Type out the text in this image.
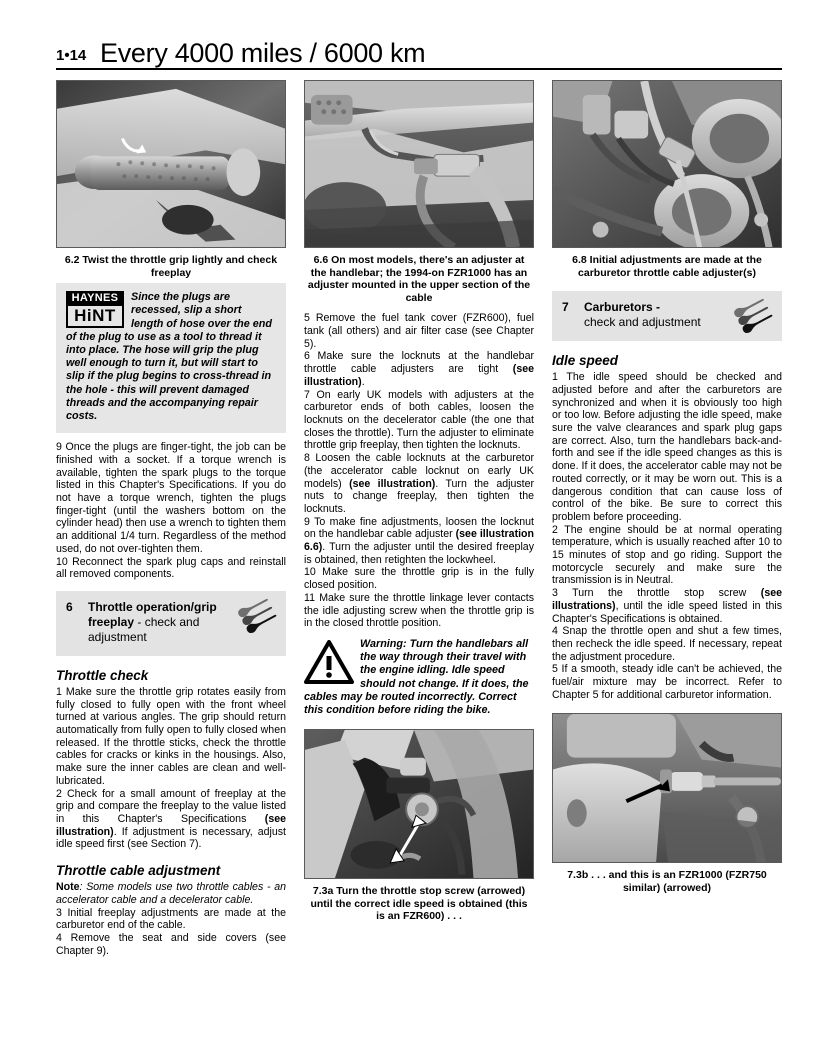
1•14 Every 4000 miles / 6000 km
6.2 Twist the throttle grip lightly and check freeplay
HAYNES
HiNT
Since the plugs are recessed, slip a short length of hose over the end of the plug to use as a tool to thread it into place. The hose will grip the plug well enough to turn it, but will start to slip if the plug begins to cross-thread in the hole - this will prevent damaged threads and the accompanying repair costs.

9 Once the plugs are finger-tight, the job can be finished with a socket. If a torque wrench is available, tighten the spark plugs to the torque listed in this Chapter's Specifications. If you do not have a torque wrench, tighten the plugs finger-tight (until the washers bottom on the cylinder head) then use a wrench to tighten them an additional 1/4 turn. Regardless of the method used, do not over-tighten them.

10 Reconnect the spark plug caps and reinstall all removed components.

6 Throttle operation/grip freeplay - check and adjustment
Throttle check

1 Make sure the throttle grip rotates easily from fully closed to fully open with the front wheel turned at various angles. The grip should return automatically from fully open to fully closed when released. If the throttle sticks, check the throttle cables for cracks or kinks in the housings. Also, make sure the inner cables are clean and well-lubricated.

2 Check for a small amount of freeplay at the grip and compare the freeplay to the value listed in this Chapter's Specifications (see illustration). If adjustment is necessary, adjust idle speed first (see Section 7).

Throttle cable adjustment

Note: Some models use two throttle cables - an accelerator cable and a decelerator cable.

3 Initial freeplay adjustments are made at the carburetor end of the cable.

4 Remove the seat and side covers (see Chapter 9).

6.6 On most models, there's an adjuster at the handlebar; the 1994-on FZR1000 has an adjuster mounted in the upper section of the cable

5 Remove the fuel tank cover (FZR600), fuel tank (all others) and air filter case (see Chapter 5).

6 Make sure the locknuts at the handlebar throttle cable adjusters are tight (see illustration).

7 On early UK models with adjusters at the carburetor ends of both cables, loosen the locknuts on the decelerator cable (the one that closes the throttle). Turn the adjuster to eliminate throttle grip freeplay, then tighten the locknuts.

8 Loosen the cable locknuts at the carburetor (the accelerator cable locknut on early UK models) (see illustration). Turn the adjuster nuts to change freeplay, then tighten the locknuts.

9 To make fine adjustments, loosen the locknut on the handlebar cable adjuster (see illustration 6.6). Turn the adjuster until the desired freeplay is obtained, then retighten the lockwheel.

10 Make sure the throttle grip is in the fully closed position.

11 Make sure the throttle linkage lever contacts the idle adjusting screw when the throttle grip is in the closed throttle position.

Warning: Turn the handlebars all the way through their travel with the engine idling. Idle speed should not change. If it does, the cables may be routed incorrectly. Correct this condition before riding the bike.
7.3a Turn the throttle stop screw (arrowed) until the correct idle speed is obtained (this is an FZR600) . . .
6.8 Initial adjustments are made at the carburetor throttle cable adjuster(s)
7 Carburetors -
check and adjustment
Idle speed

1 The idle speed should be checked and adjusted before and after the carburetors are synchronized and when it is obviously too high or too low. Before adjusting the idle speed, make sure the valve clearances and spark plug gaps are correct. Also, turn the handlebars back-and-forth and see if the idle speed changes as this is done. If it does, the accelerator cable may not be routed correctly, or it may be worn out. This is a dangerous condition that can cause loss of control of the bike. Be sure to correct this problem before proceeding.

2 The engine should be at normal operating temperature, which is usually reached after 10 to 15 minutes of stop and go riding. Support the motorcycle securely and make sure the transmission is in Neutral.

3 Turn the throttle stop screw (see illustrations), until the idle speed listed in this Chapter's Specifications is obtained.

4 Snap the throttle open and shut a few times, then recheck the idle speed. If necessary, repeat the adjustment procedure.

5 If a smooth, steady idle can't be achieved, the fuel/air mixture may be incorrect. Refer to Chapter 5 for additional carburetor information.

7.3b . . . and this is an FZR1000 (FZR750 similar) (arrowed)
